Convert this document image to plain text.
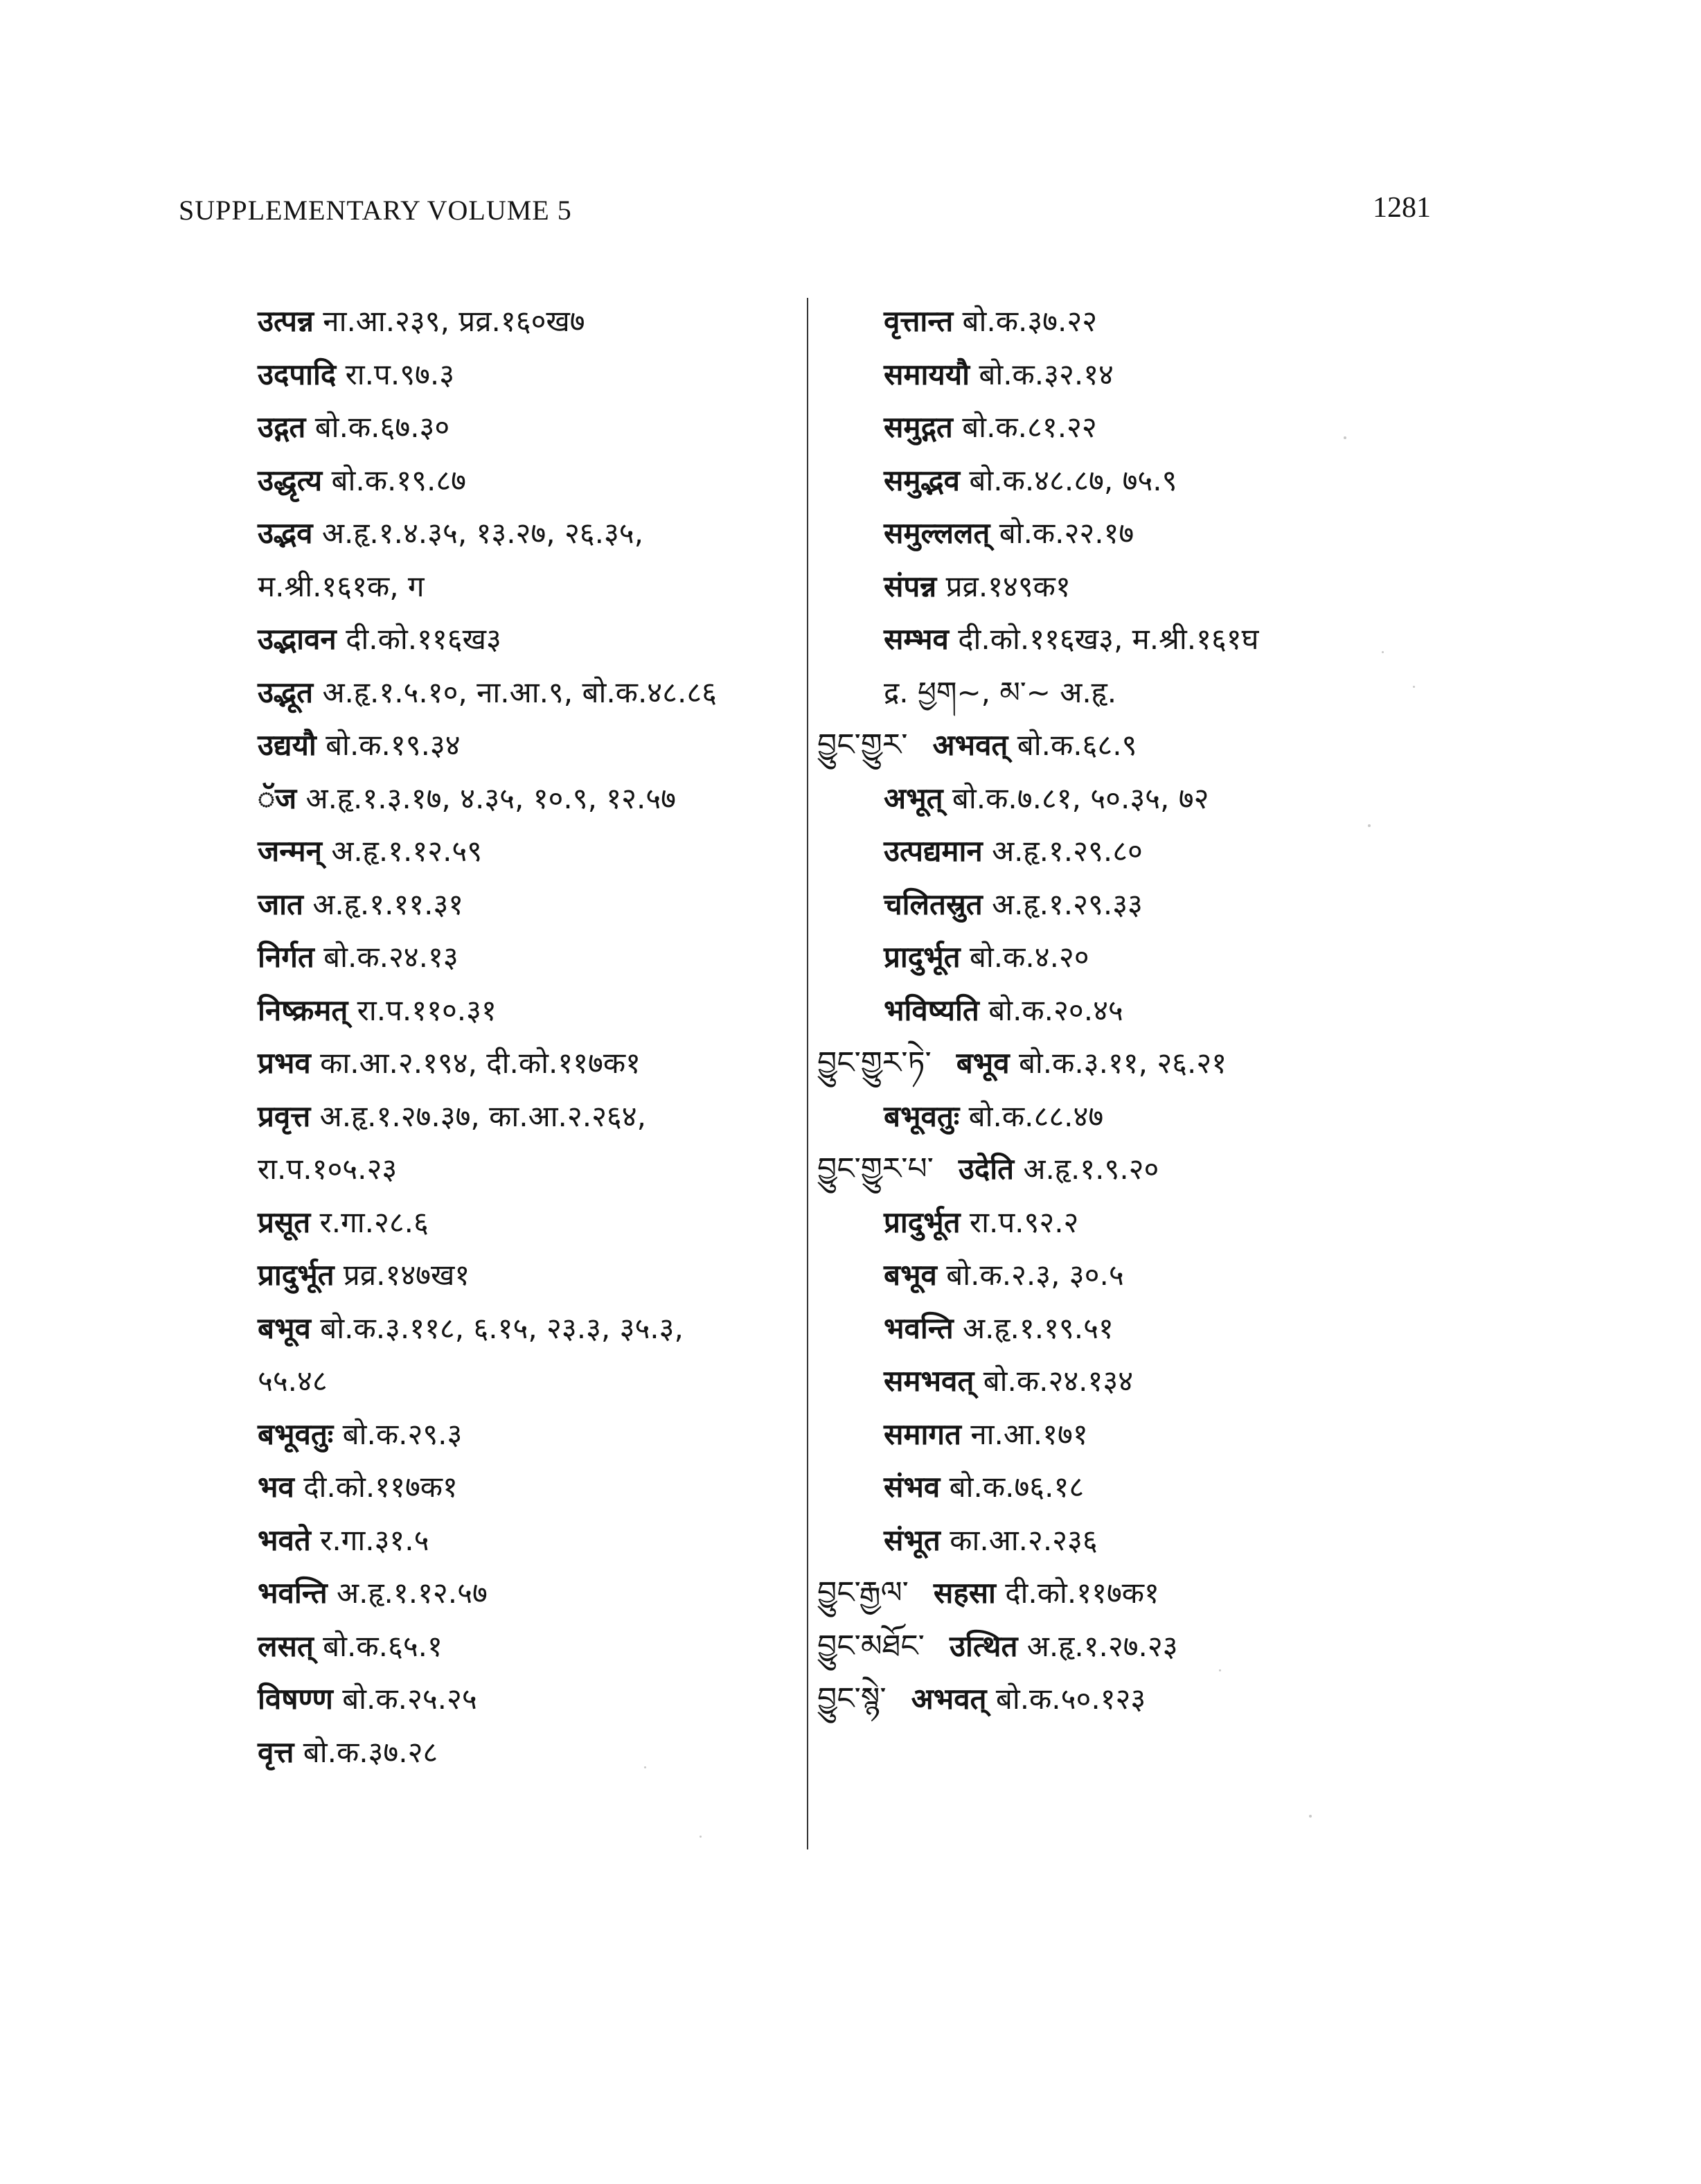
SUPPLEMENTARY VOLUME 5	1281
उत्पन्न ना.आ.२३९, प्रव्र.१६०ख७
उदपादि रा.प.९७.३
उद्गत बो.क.६७.३०
उद्धृत्य बो.क.१९.८७
उद्भव अ.हृ.१.४.३५, १३.२७, २६.३५,
म.श्री.१६१क, ग
उद्भावन दी.को.११६ख३
उद्भूत अ.हृ.१.५.१०, ना.आ.९, बो.क.४८.८६
उद्ययौ बो.क.१९.३४
ॅज अ.हृ.१.३.१७, ४.३५, १०.९, १२.५७
जन्मन् अ.हृ.१.१२.५९
जात अ.हृ.१.११.३१
निर्गत बो.क.२४.१३
निष्क्रमत् रा.प.११०.३१
प्रभव का.आ.२.१९४, दी.को.११७क१
प्रवृत्त अ.हृ.१.२७.३७, का.आ.२.२६४,
रा.प.१०५.२३
प्रसूत र.गा.२८.६
प्रादुर्भूत प्रव्र.१४७ख१
बभूव बो.क.३.११८, ६.१५, २३.३, ३५.३,
५५.४८
बभूवतुः बो.क.२९.३
भव दी.को.११७क१
भवते र.गा.३१.५
भवन्ति अ.हृ.१.१२.५७
लसत् बो.क.६५.१
विषण्ण बो.क.२५.२५
वृत्त बो.क.३७.२८
वृत्तान्त बो.क.३७.२२
समाययौ बो.क.३२.१४
समुद्गत बो.क.८१.२२
समुद्भव बो.क.४८.८७, ७५.९
समुल्ललत् बो.क.२२.१७
संपन्न प्रव्र.१४९क१
सम्भव दी.को.११६ख३, म.श्री.१६१घ
द्र. ཕྱག~, མ་~ अ.हृ.
བྱུང་གྱུར་ अभवत् बो.क.६८.९
अभूत् बो.क.७.८१, ५०.३५, ७२
उत्पद्यमान अ.हृ.१.२९.८०
चलितस्रुत अ.हृ.१.२९.३३
प्रादुर्भूत बो.क.४.२०
भविष्यति बो.क.२०.४५
བྱུང་གྱུར་ཏེ་ बभूव बो.क.३.११, २६.२१
बभूवतुः बो.क.८८.४७
བྱུང་གྱུར་པ་ उदेति अ.हृ.१.९.२०
प्रादुर्भूत रा.प.९२.२
बभूव बो.क.२.३, ३०.५
भवन्ति अ.हृ.१.१९.५१
समभवत् बो.क.२४.१३४
समागत ना.आ.१७१
संभव बो.क.७६.१८
संभूत का.आ.२.२३६
བྱུང་རྒྱལ་ सहसा दी.को.११७क१
བྱུང་མཐོང་ उत्थित अ.हृ.१.२७.२३
བྱུང་སྙེ་ अभवत् बो.क.५०.१२३
